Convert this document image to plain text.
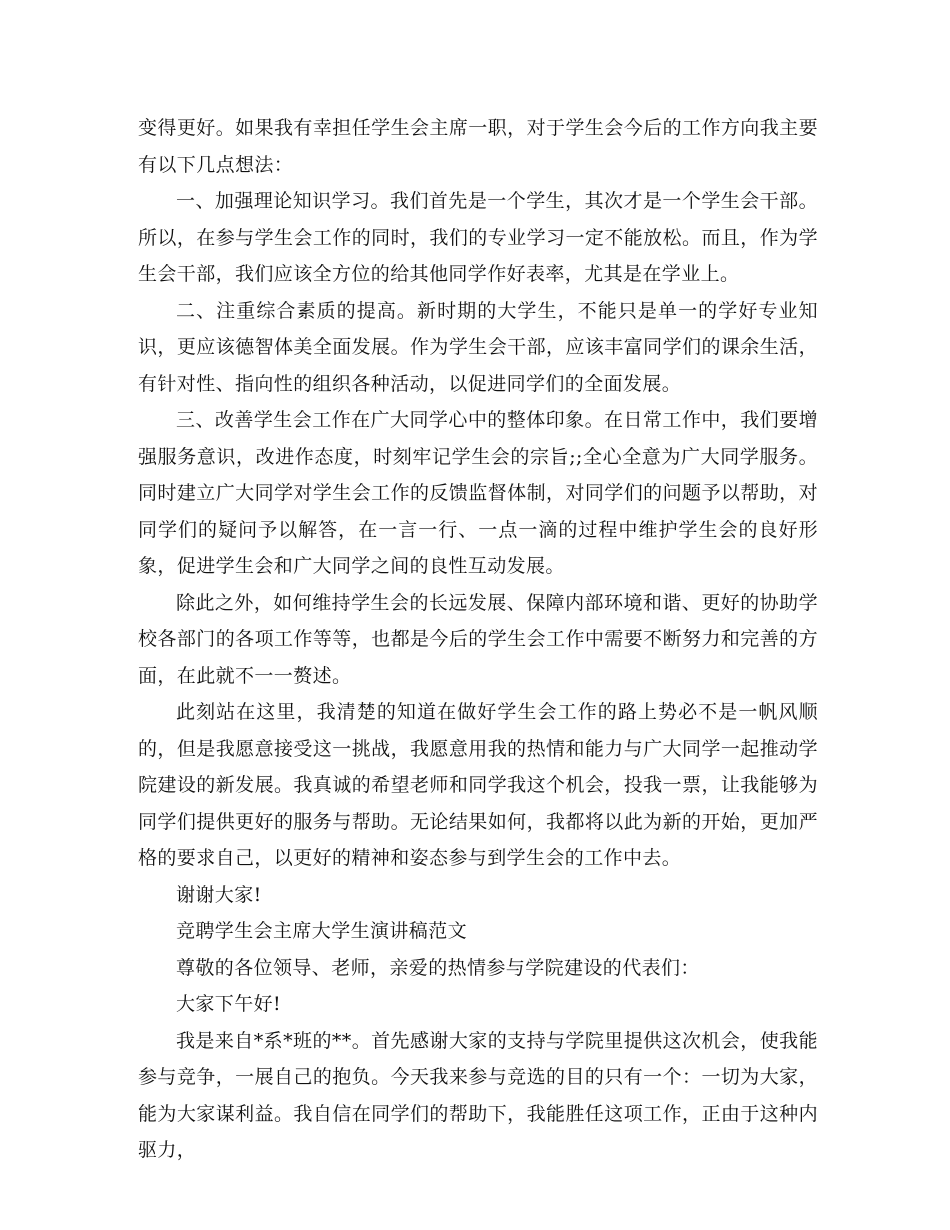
变得更好。如果我有幸担任学生会主席一职，对于学生会今后的工作方向我主要有以下几点想法：

一、加强理论知识学习。我们首先是一个学生，其次才是一个学生会干部。所以，在参与学生会工作的同时，我们的专业学习一定不能放松。而且，作为学生会干部，我们应该全方位的给其他同学作好表率，尤其是在学业上。

二、注重综合素质的提高。新时期的大学生，不能只是单一的学好专业知识，更应该德智体美全面发展。作为学生会干部，应该丰富同学们的课余生活，有针对性、指向性的组织各种活动，以促进同学们的全面发展。

三、改善学生会工作在广大同学心中的整体印象。在日常工作中，我们要增强服务意识，改进作态度，时刻牢记学生会的宗旨;;全心全意为广大同学服务。同时建立广大同学对学生会工作的反馈监督体制，对同学们的问题予以帮助，对同学们的疑问予以解答，在一言一行、一点一滴的过程中维护学生会的良好形象，促进学生会和广大同学之间的良性互动发展。

除此之外，如何维持学生会的长远发展、保障内部环境和谐、更好的协助学校各部门的各项工作等等，也都是今后的学生会工作中需要不断努力和完善的方面，在此就不一一赘述。

此刻站在这里，我清楚的知道在做好学生会工作的路上势必不是一帆风顺的，但是我愿意接受这一挑战，我愿意用我的热情和能力与广大同学一起推动学院建设的新发展。我真诚的希望老师和同学我这个机会，投我一票，让我能够为同学们提供更好的服务与帮助。无论结果如何，我都将以此为新的开始，更加严格的要求自己，以更好的精神和姿态参与到学生会的工作中去。

谢谢大家!

竞聘学生会主席大学生演讲稿范文

尊敬的各位领导、老师，亲爱的热情参与学院建设的代表们：

大家下午好!

我是来自*系*班的**。首先感谢大家的支持与学院里提供这次机会，使我能参与竞争，一展自己的抱负。今天我来参与竞选的目的只有一个：一切为大家，能为大家谋利益。我自信在同学们的帮助下，我能胜任这项工作，正由于这种内驱力，
